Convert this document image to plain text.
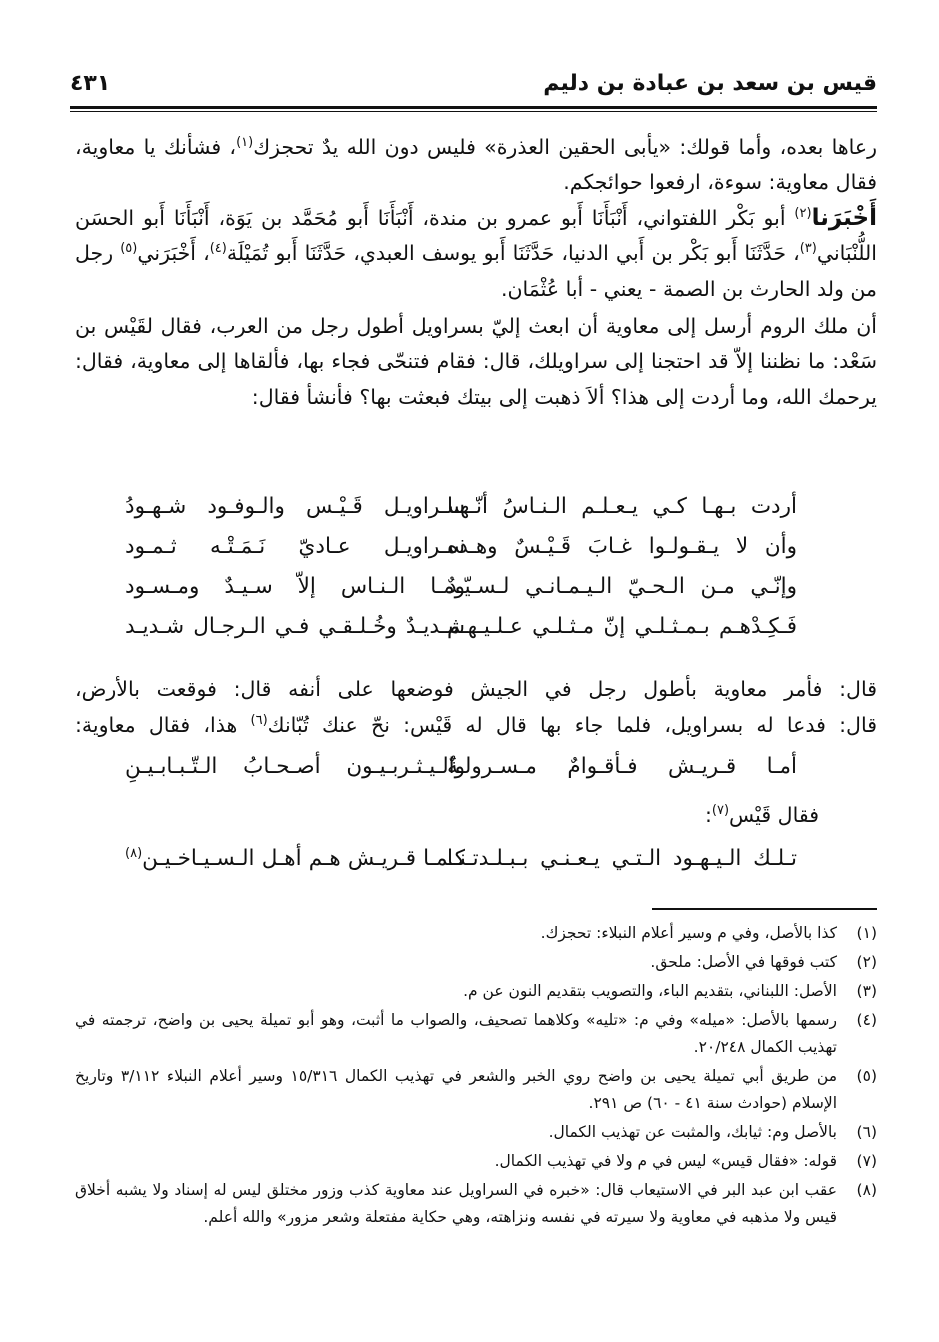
قيس بن سعد بن عبادة بن دليم
٤٣١

رعاها بعده، وأما قولك: «يأبى الحقين العذرة» فليس دون الله يدٌ تحجزك$^{(١)}$، فشأنك يا معاوية، فقال معاوية: سوءة، ارفعوا حوائجكم.

أَخْبَرَنا$^{(٢)}$ أبو بَكْر اللفتواني، أَنْبَأَنَا أَبو عمرو بن مندة، أَنْبَأَنَا أَبو مُحَمَّد بن يَوَة، أَنْبَأَنَا أَبو الحسَن اللُّنْبَاني$^{(٣)}$، حَدَّثَنَا أَبو بَكْر بن أَبي الدنيا، حَدَّثَنَا أَبو يوسف العبدي، حَدَّثَنَا أَبو تُمَيْلَة$^{(٤)}$، أَخْبَرَني$^{(٥)}$ رجل من ولد الحارث بن الصمة - يعني - أبا عُثْمَان.

أن ملك الروم أرسل إلى معاوية أن ابعث إليّ بسراويل أطول رجل من العرب، فقال لقَيْس بن سَعْد: ما نظننا إلاّ قد احتجنا إلى سراويلك، قال: فقام فتنحّى فجاء بها، فألقاها إلى معاوية، فقال: يرحمك الله، وما أردت إلى هذا؟ ألاَ ذهبت إلى بيتك فبعثت بها؟ فأنشأ فقال:

أردت بـهـا كـي يـعـلـم الـنـاسُ أنّـهـا
سـراويـل قَـيْـس والـوفـود شـهـودُ
وأن لا يـقـولـوا غـابَ قَـيْـسٌ وهـذه
سـراويـل عـاديّ نَـمَـتْـه ثـمـود
وإنّـي مـن الـحـيّ الـيـمـانـي لـسـيّـدٌ
ومـا الـنـاس إلاّ سـيـدٌ ومـسـود
فَـكِـدْهـم بـمـثـلـي إنّ مـثـلـي عـلـيـهـم
شـديـدٌ وخُـلـقـي فـي الـرجـال شـديـد
قال: فأمر معاوية بأطول رجل في الجيش فوضعها على أنفه قال: فوقعت بالأرض،
قال: فدعا له بسراويل، فلما جاء بها قال له قَيْس: نحّ عنك تُبّانك$^{(٦)}$ هذا، فقال معاوية:
أمـا قـريـش فـأقـوامٌ مـسـرولـةٌ
والـيـثـربـيـون أصـحـابُ الـتّـبـابـيـنِ
فقال قَيْس$^{(٧)}$:
تـلـك الـيـهـود الـتـي يـعـنـي بـبـلـدتـنـا
كـمـا قـريـش هـم أهـل الـسـيـاخـيـن$^{(٨)}$
(١)
كذا بالأصل، وفي م وسير أعلام النبلاء: تحجزك.
(٢)
كتب فوقها في الأصل: ملحق.
(٣)
الأصل: اللبناني، بتقديم الباء، والتصويب بتقديم النون عن م.
(٤)
رسمها بالأصل: «ميله» وفي م: «تليه» وكلاهما تصحيف، والصواب ما أثبت، وهو أبو تميلة يحيى بن واضح، ترجمته في تهذيب الكمال ٢٠/٢٤٨.
(٥)
من طريق أبي تميلة يحيى بن واضح روي الخبر والشعر في تهذيب الكمال ١٥/٣١٦ وسير أعلام النبلاء ٣/١١٢ وتاريخ الإسلام (حوادث سنة ٤١ - ٦٠) ص ٢٩١.
(٦)
بالأصل وم: ثيابك، والمثبت عن تهذيب الكمال.
(٧)
قوله: «فقال قيس» ليس في م ولا في تهذيب الكمال.
(٨)
عقب ابن عبد البر في الاستيعاب قال: «خبره في السراويل عند معاوية كذب وزور مختلق ليس له إسناد ولا يشبه أخلاق قيس ولا مذهبه في معاوية ولا سيرته في نفسه ونزاهته، وهي حكاية مفتعلة وشعر مزور» والله أعلم.
